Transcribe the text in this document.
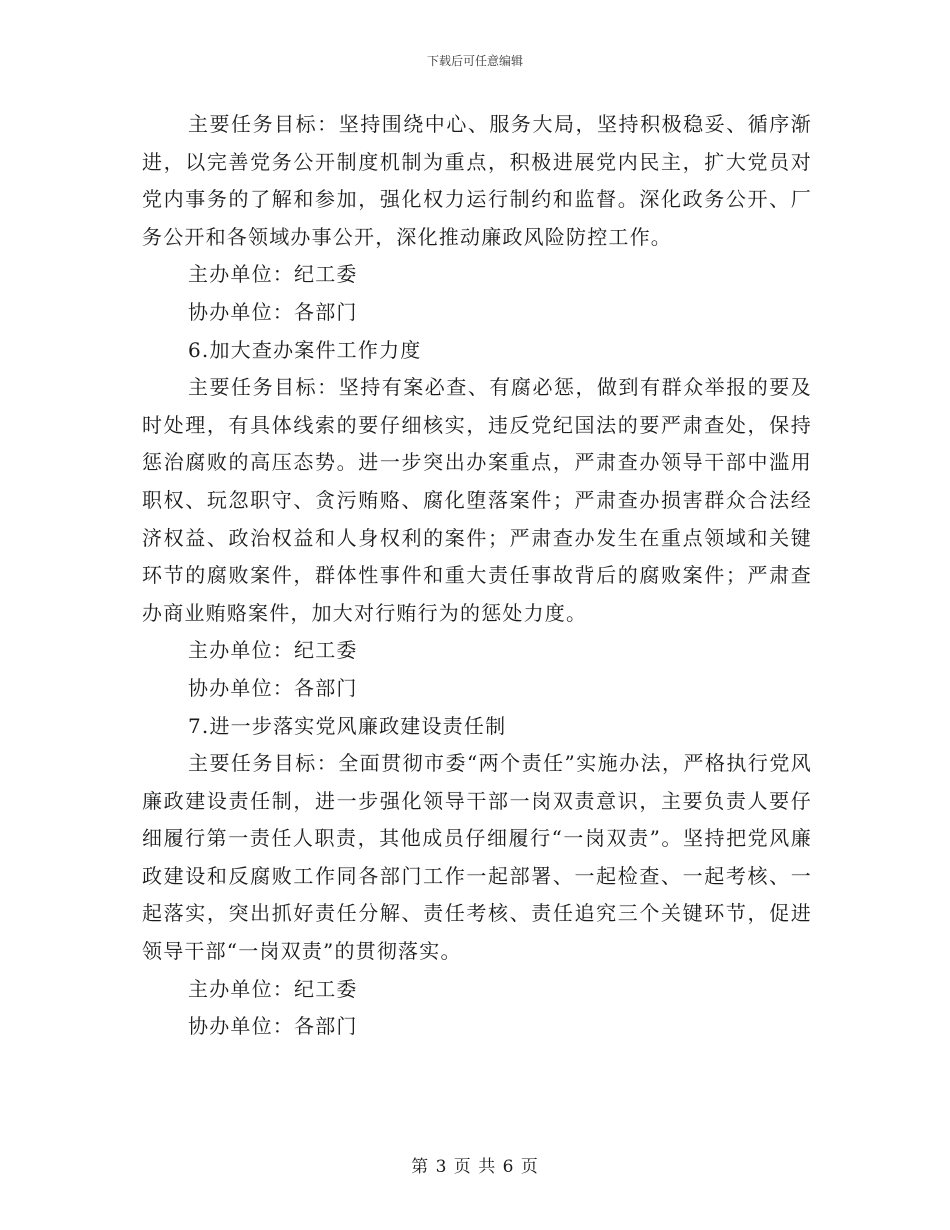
下载后可任意编辑

主要任务目标：坚持围绕中心、服务大局，坚持积极稳妥、循序渐进，以完善党务公开制度机制为重点，积极进展党内民主，扩大党员对党内事务的了解和参加，强化权力运行制约和监督。深化政务公开、厂务公开和各领域办事公开，深化推动廉政风险防控工作。

主办单位：纪工委

协办单位：各部门

6.加大查办案件工作力度

主要任务目标：坚持有案必查、有腐必惩，做到有群众举报的要及时处理，有具体线索的要仔细核实，违反党纪国法的要严肃查处，保持惩治腐败的高压态势。进一步突出办案重点，严肃查办领导干部中滥用职权、玩忽职守、贪污贿赂、腐化堕落案件；严肃查办损害群众合法经济权益、政治权益和人身权利的案件；严肃查办发生在重点领域和关键环节的腐败案件，群体性事件和重大责任事故背后的腐败案件；严肃查办商业贿赂案件，加大对行贿行为的惩处力度。

主办单位：纪工委

协办单位：各部门

7.进一步落实党风廉政建设责任制

主要任务目标：全面贯彻市委“两个责任”实施办法，严格执行党风廉政建设责任制，进一步强化领导干部一岗双责意识，主要负责人要仔细履行第一责任人职责，其他成员仔细履行“一岗双责”。坚持把党风廉政建设和反腐败工作同各部门工作一起部署、一起检查、一起考核、一起落实，突出抓好责任分解、责任考核、责任追究三个关键环节，促进领导干部“一岗双责”的贯彻落实。

主办单位：纪工委

协办单位：各部门

第 3 页 共 6 页
